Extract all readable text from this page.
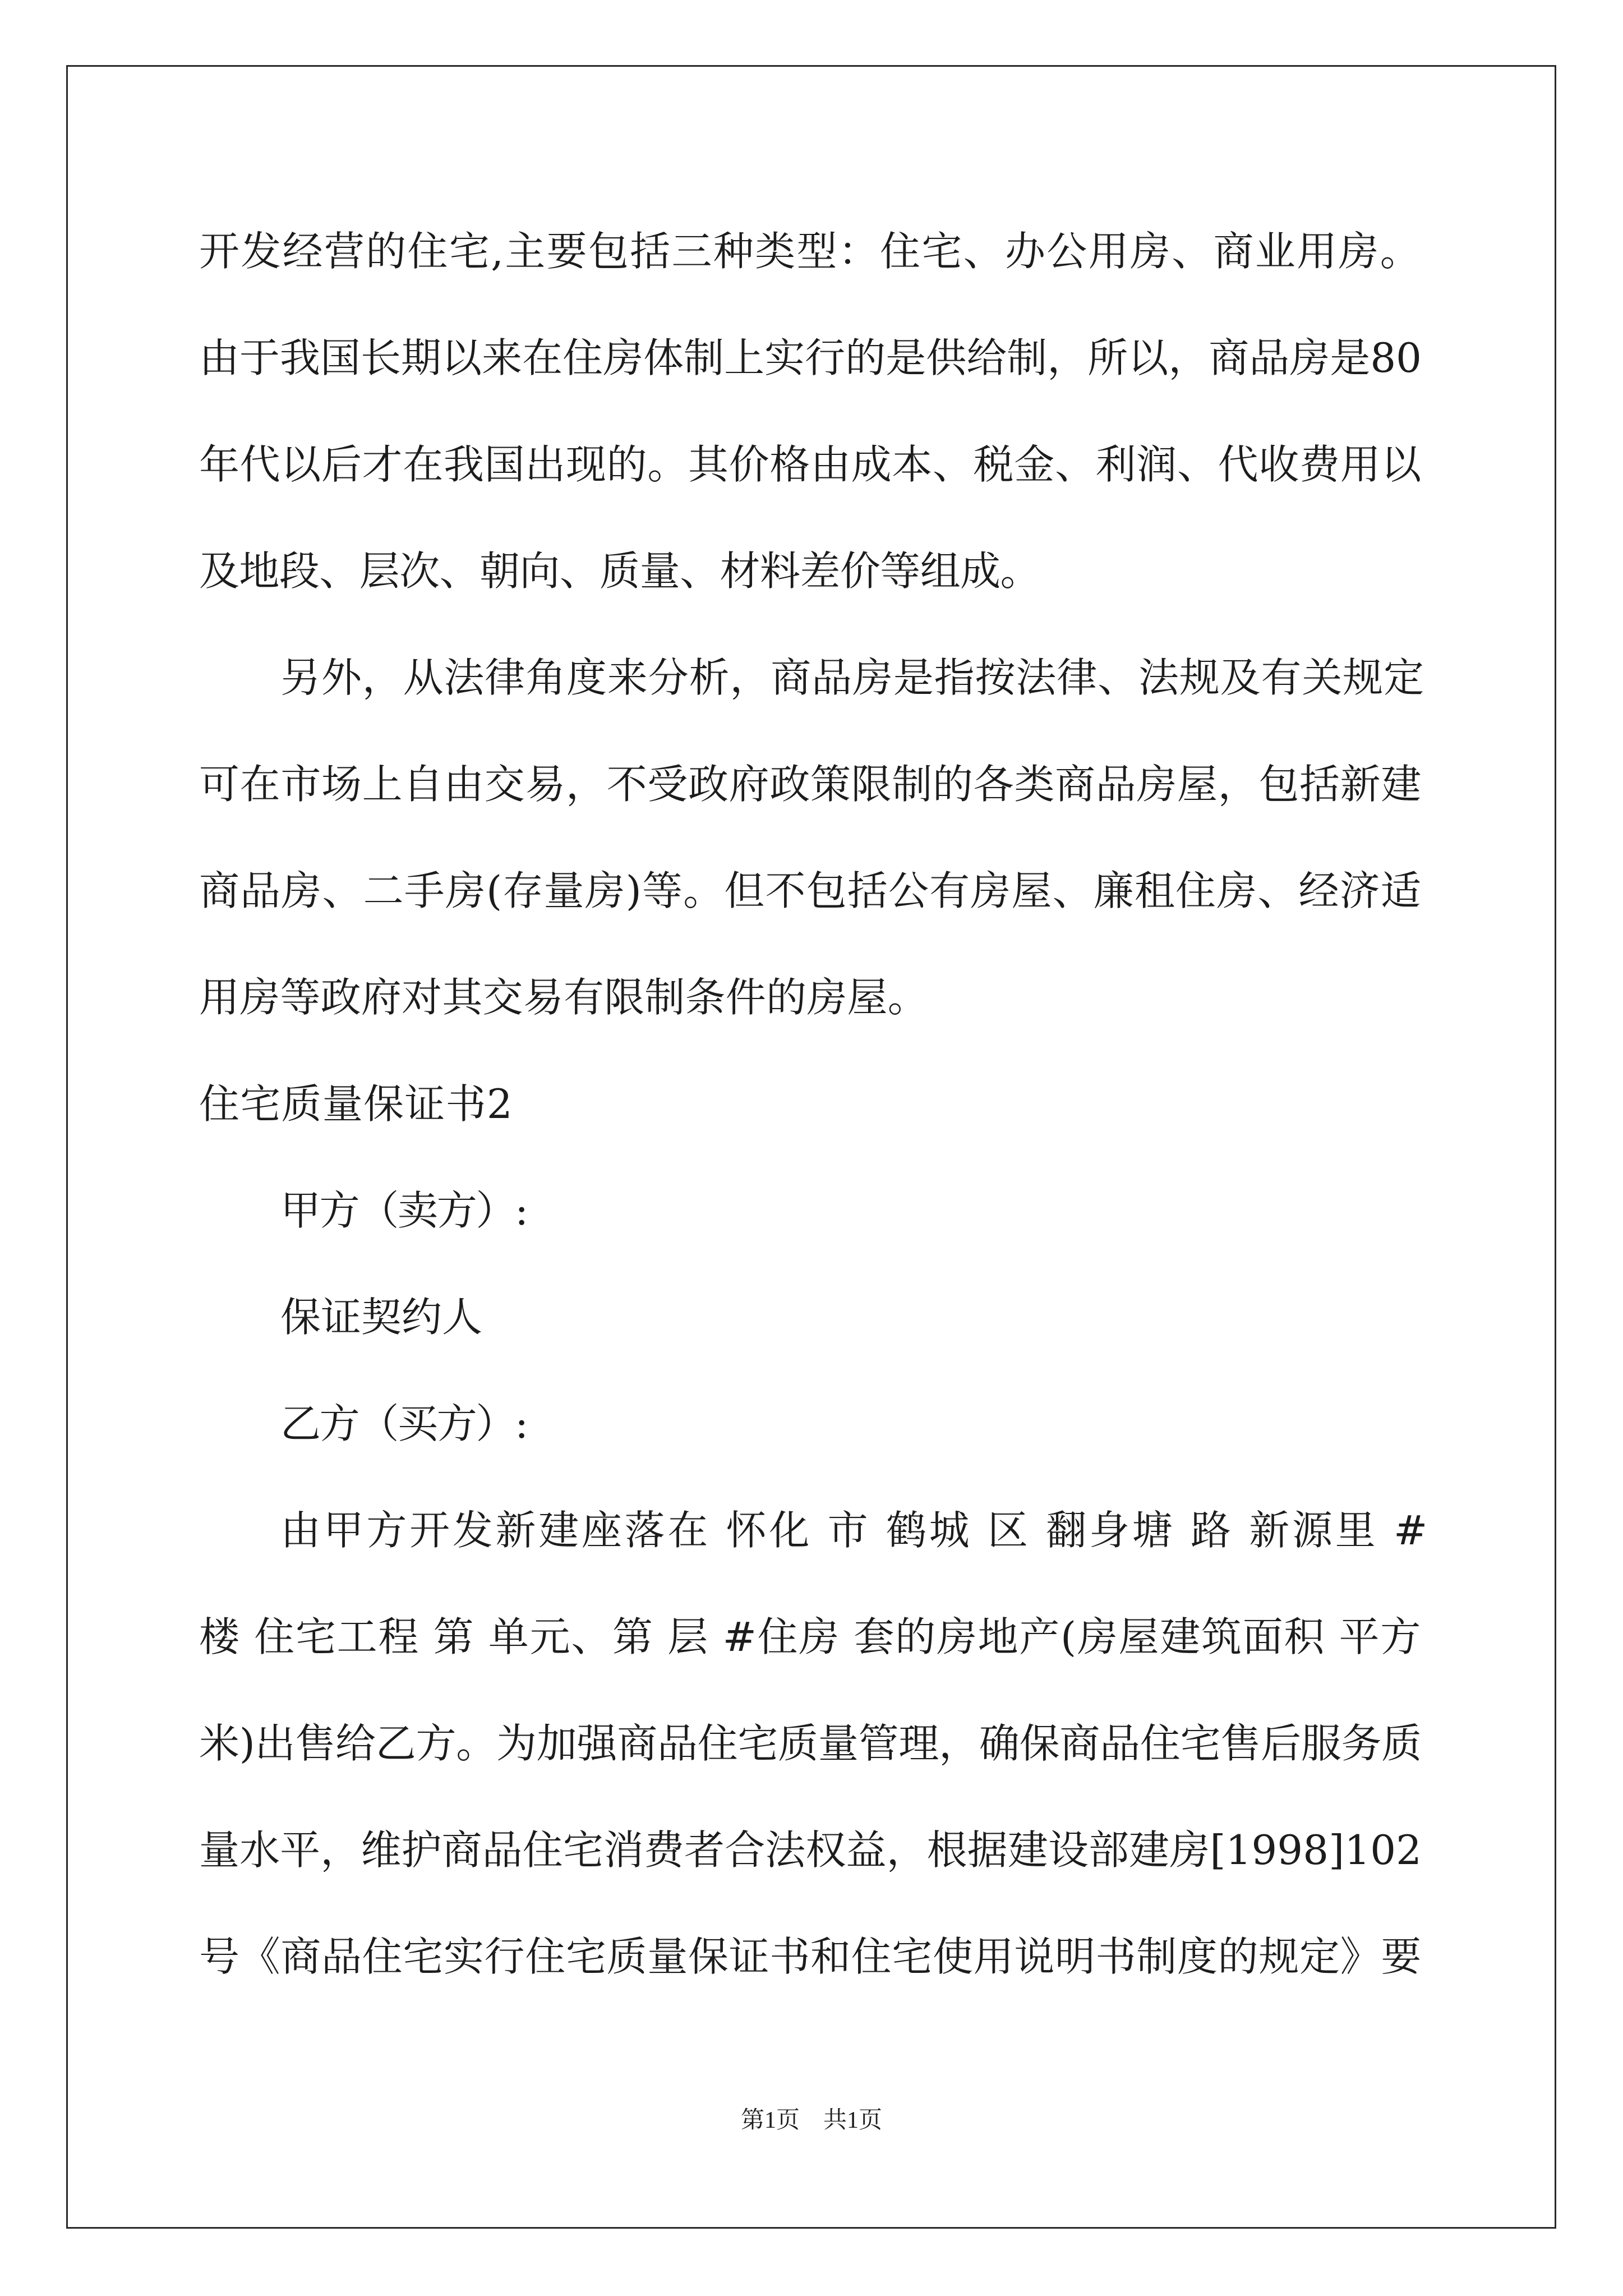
开发经营的住宅,主要包括三种类型：住宅、办公用房、商业用房。

由于我国长期以来在住房体制上实行的是供给制，所以，商品房是80

年代以后才在我国出现的。其价格由成本、税金、利润、代收费用以

及地段、层次、朝向、质量、材料差价等组成。

另外，从法律角度来分析，商品房是指按法律、法规及有关规定

可在市场上自由交易，不受政府政策限制的各类商品房屋，包括新建

商品房、二手房(存量房)等。但不包括公有房屋、廉租住房、经济适

用房等政府对其交易有限制条件的房屋。

住宅质量保证书2

甲方（卖方）:

保证契约人

乙方（买方）:

由甲方开发新建座落在 怀化 市 鹤城 区 翻身塘 路 新源里 #

楼 住宅工程 第 单元、第 层 #住房 套的房地产(房屋建筑面积 平方

米)出售给乙方。为加强商品住宅质量管理，确保商品住宅售后服务质

量水平，维护商品住宅消费者合法权益，根据建设部建房[1998]102

号《商品住宅实行住宅质量保证书和住宅使用说明书制度的规定》要

第1页　共1页
